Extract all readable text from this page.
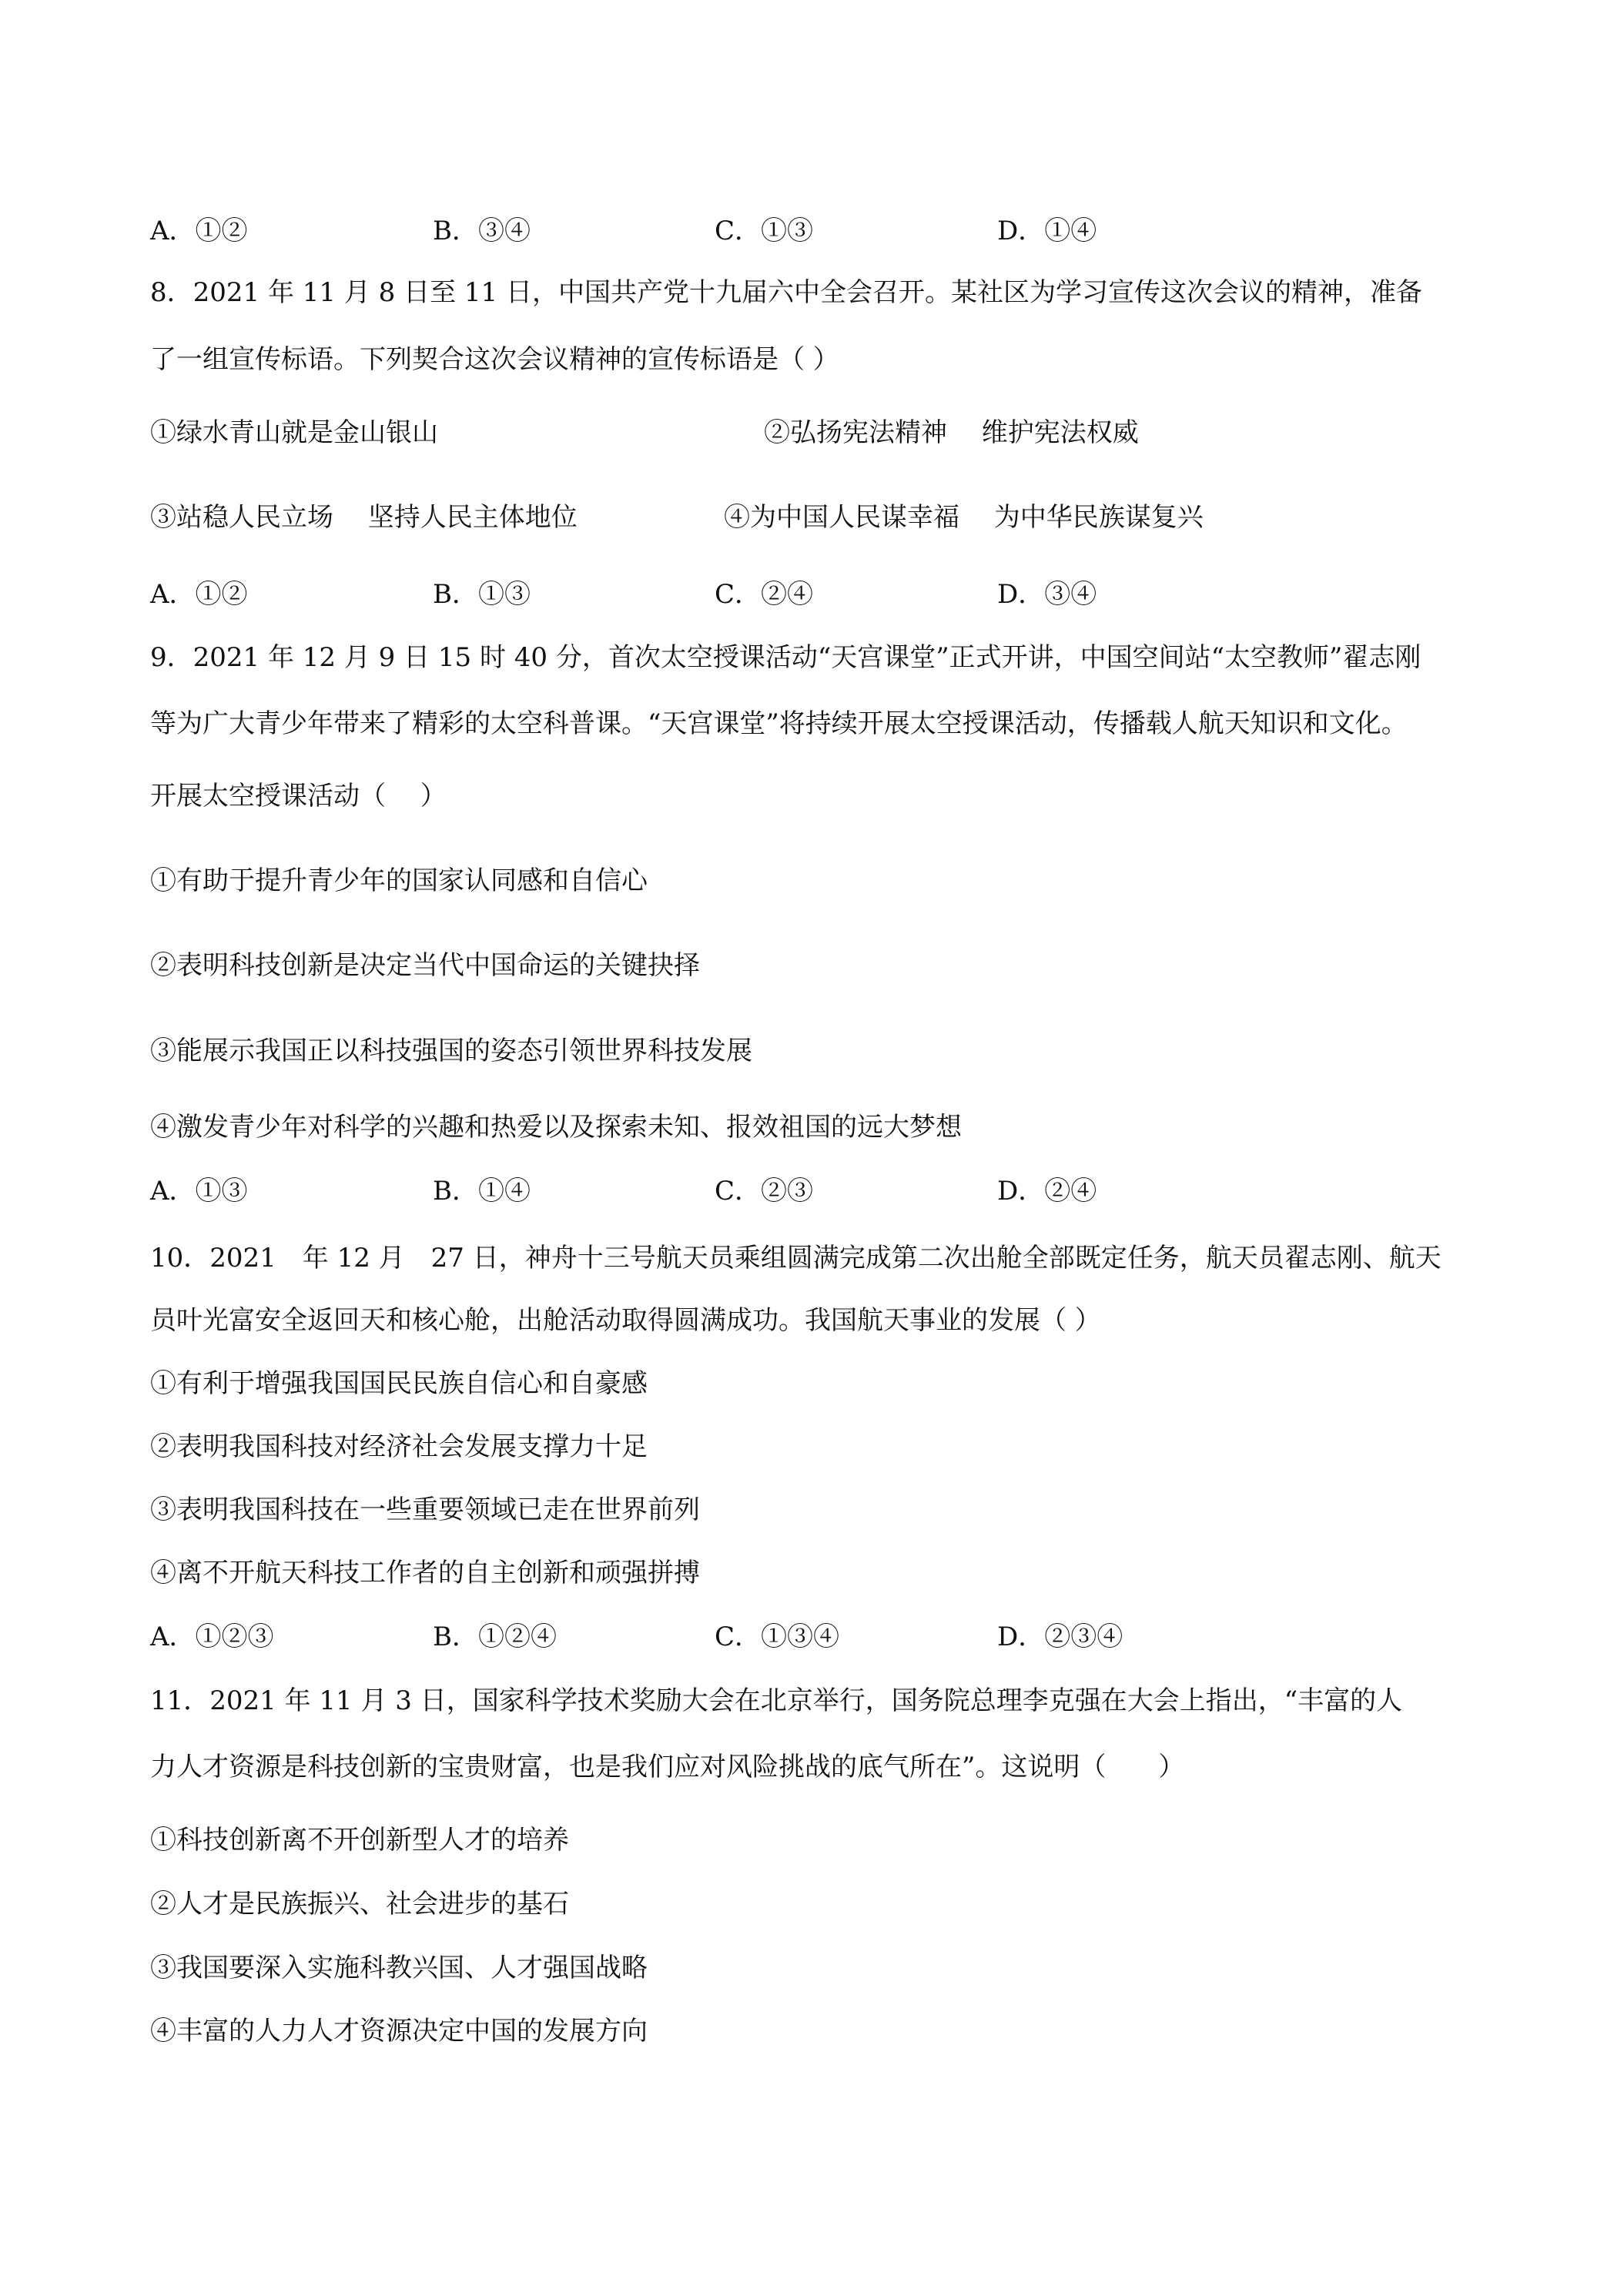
A．①②	B．③④	C．①③	D．①④
8．2021 年 11 月 8 日至 11 日，中国共产党十九届六中全会召开。某社区为学习宣传这次会议的精神，准备
了一组宣传标语。下列契合这次会议精神的宣传标语是（ ）
①绿水青山就是金山银山	②弘扬宪法精神　 维护宪法权威
③站稳人民立场　 坚持人民主体地位	④为中国人民谋幸福　 为中华民族谋复兴
A．①②	B．①③	C．②④	D．③④
9．2021 年 12 月 9 日 15 时 40 分，首次太空授课活动“天宫课堂”正式开讲，中国空间站“太空教师”翟志刚
等为广大青少年带来了精彩的太空科普课。“天宫课堂”将持续开展太空授课活动，传播载人航天知识和文化。
开展太空授课活动（　 ）
①有助于提升青少年的国家认同感和自信心
②表明科技创新是决定当代中国命运的关键抉择
③能展示我国正以科技强国的姿态引领世界科技发展
④激发青少年对科学的兴趣和热爱以及探索未知、报效祖国的远大梦想
A．①③	B．①④	C．②③	D．②④
10．2021　年 12 月　27 日，神舟十三号航天员乘组圆满完成第二次出舱全部既定任务，航天员翟志刚、航天
员叶光富安全返回天和核心舱，出舱活动取得圆满成功。我国航天事业的发展（ ）
①有利于增强我国国民民族自信心和自豪感
②表明我国科技对经济社会发展支撑力十足
③表明我国科技在一些重要领域已走在世界前列
④离不开航天科技工作者的自主创新和顽强拼搏
A．①②③	B．①②④	C．①③④	D．②③④
11．2021 年 11 月 3 日，国家科学技术奖励大会在北京举行，国务院总理李克强在大会上指出，“丰富的人
力人才资源是科技创新的宝贵财富，也是我们应对风险挑战的底气所在”。这说明（　　）
①科技创新离不开创新型人才的培养
②人才是民族振兴、社会进步的基石
③我国要深入实施科教兴国、人才强国战略
④丰富的人力人才资源决定中国的发展方向
